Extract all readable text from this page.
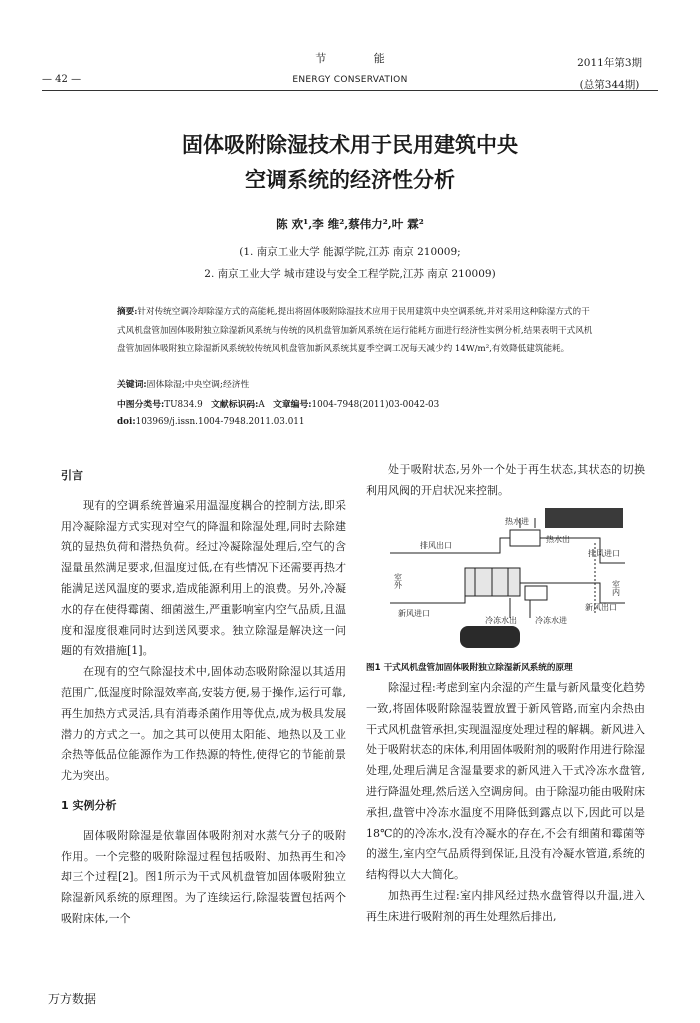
节 能
ENERGY CONSERVATION
— 42 —
2011年第3期
(总第344期)
固体吸附除湿技术用于民用建筑中央
空调系统的经济性分析
陈 欢¹,李 维²,蔡伟力²,叶 霖²
(1. 南京工业大学 能源学院,江苏 南京 210009;
2. 南京工业大学 城市建设与安全工程学院,江苏 南京 210009)
摘要:针对传统空调冷却除湿方式的高能耗,提出将固体吸附除湿技术应用于民用建筑中央空调系统,并对采用这种除湿方式的干式风机盘管加固体吸附独立除湿新风系统与传统的风机盘管加新风系统在运行能耗方面进行经济性实例分析,结果表明干式风机盘管加固体吸附独立除湿新风系统较传统风机盘管加新风系统其夏季空调工况每天减少约 14W/m²,有效降低建筑能耗。
关键词:固体除湿;中央空调;经济性
中图分类号:TU834.9 文献标识码:A 文章编号:1004-7948(2011)03-0042-03
doi:103969/j.issn.1004-7948.2011.03.011
引言

现有的空调系统普遍采用温湿度耦合的控制方法,即采用冷凝除湿方式实现对空气的降温和除湿处理,同时去除建筑的显热负荷和潜热负荷。经过冷凝除湿处理后,空气的含湿量虽然满足要求,但温度过低,在有些情况下还需要再热才能满足送风温度的要求,造成能源利用上的浪费。另外,冷凝水的存在使得霉菌、细菌滋生,严重影响室内空气品质,且温度和湿度很难同时达到送风要求。独立除湿是解决这一问题的有效措施[1]。

在现有的空气除湿技术中,固体动态吸附除湿以其适用范围广,低湿度时除湿效率高,安装方便,易于操作,运行可靠,再生加热方式灵活,具有消毒杀菌作用等优点,成为极具发展潜力的方式之一。加之其可以使用太阳能、地热以及工业余热等低品位能源作为工作热源的特性,使得它的节能前景尤为突出。

1 实例分析

固体吸附除湿是依靠固体吸附剂对水蒸气分子的吸附作用。一个完整的吸附除湿过程包括吸附、加热再生和冷却三个过程[2]。图1所示为干式风机盘管加固体吸附独立除湿新风系统的原理图。为了连续运行,除湿装置包括两个吸附床体,一个

处于吸附状态,另外一个处于再生状态,其状态的切换利用风阀的开启状况来控制。

热水进
热水出
排风出口
排风进口
室外	室内
新风进口
冷冻水出 冷冻水进
新风出口
图1 干式风机盘管加固体吸附独立除湿新风系统的原理

除湿过程:考虑到室内余湿的产生量与新风量变化趋势一致,将固体吸附除湿装置放置于新风管路,而室内余热由干式风机盘管承担,实现温湿度处理过程的解耦。新风进入处于吸附状态的床体,利用固体吸附剂的吸附作用进行除湿处理,处理后满足含湿量要求的新风进入干式冷冻水盘管,进行降温处理,然后送入空调房间。由于除湿功能由吸附床承担,盘管中冷冻水温度不用降低到露点以下,因此可以是18℃的的冷冻水,没有冷凝水的存在,不会有细菌和霉菌等的滋生,室内空气品质得到保证,且没有冷凝水管道,系统的结构得以大大简化。

加热再生过程:室内排风经过热水盘管得以升温,进入再生床进行吸附剂的再生处理然后排出,

万方数据
